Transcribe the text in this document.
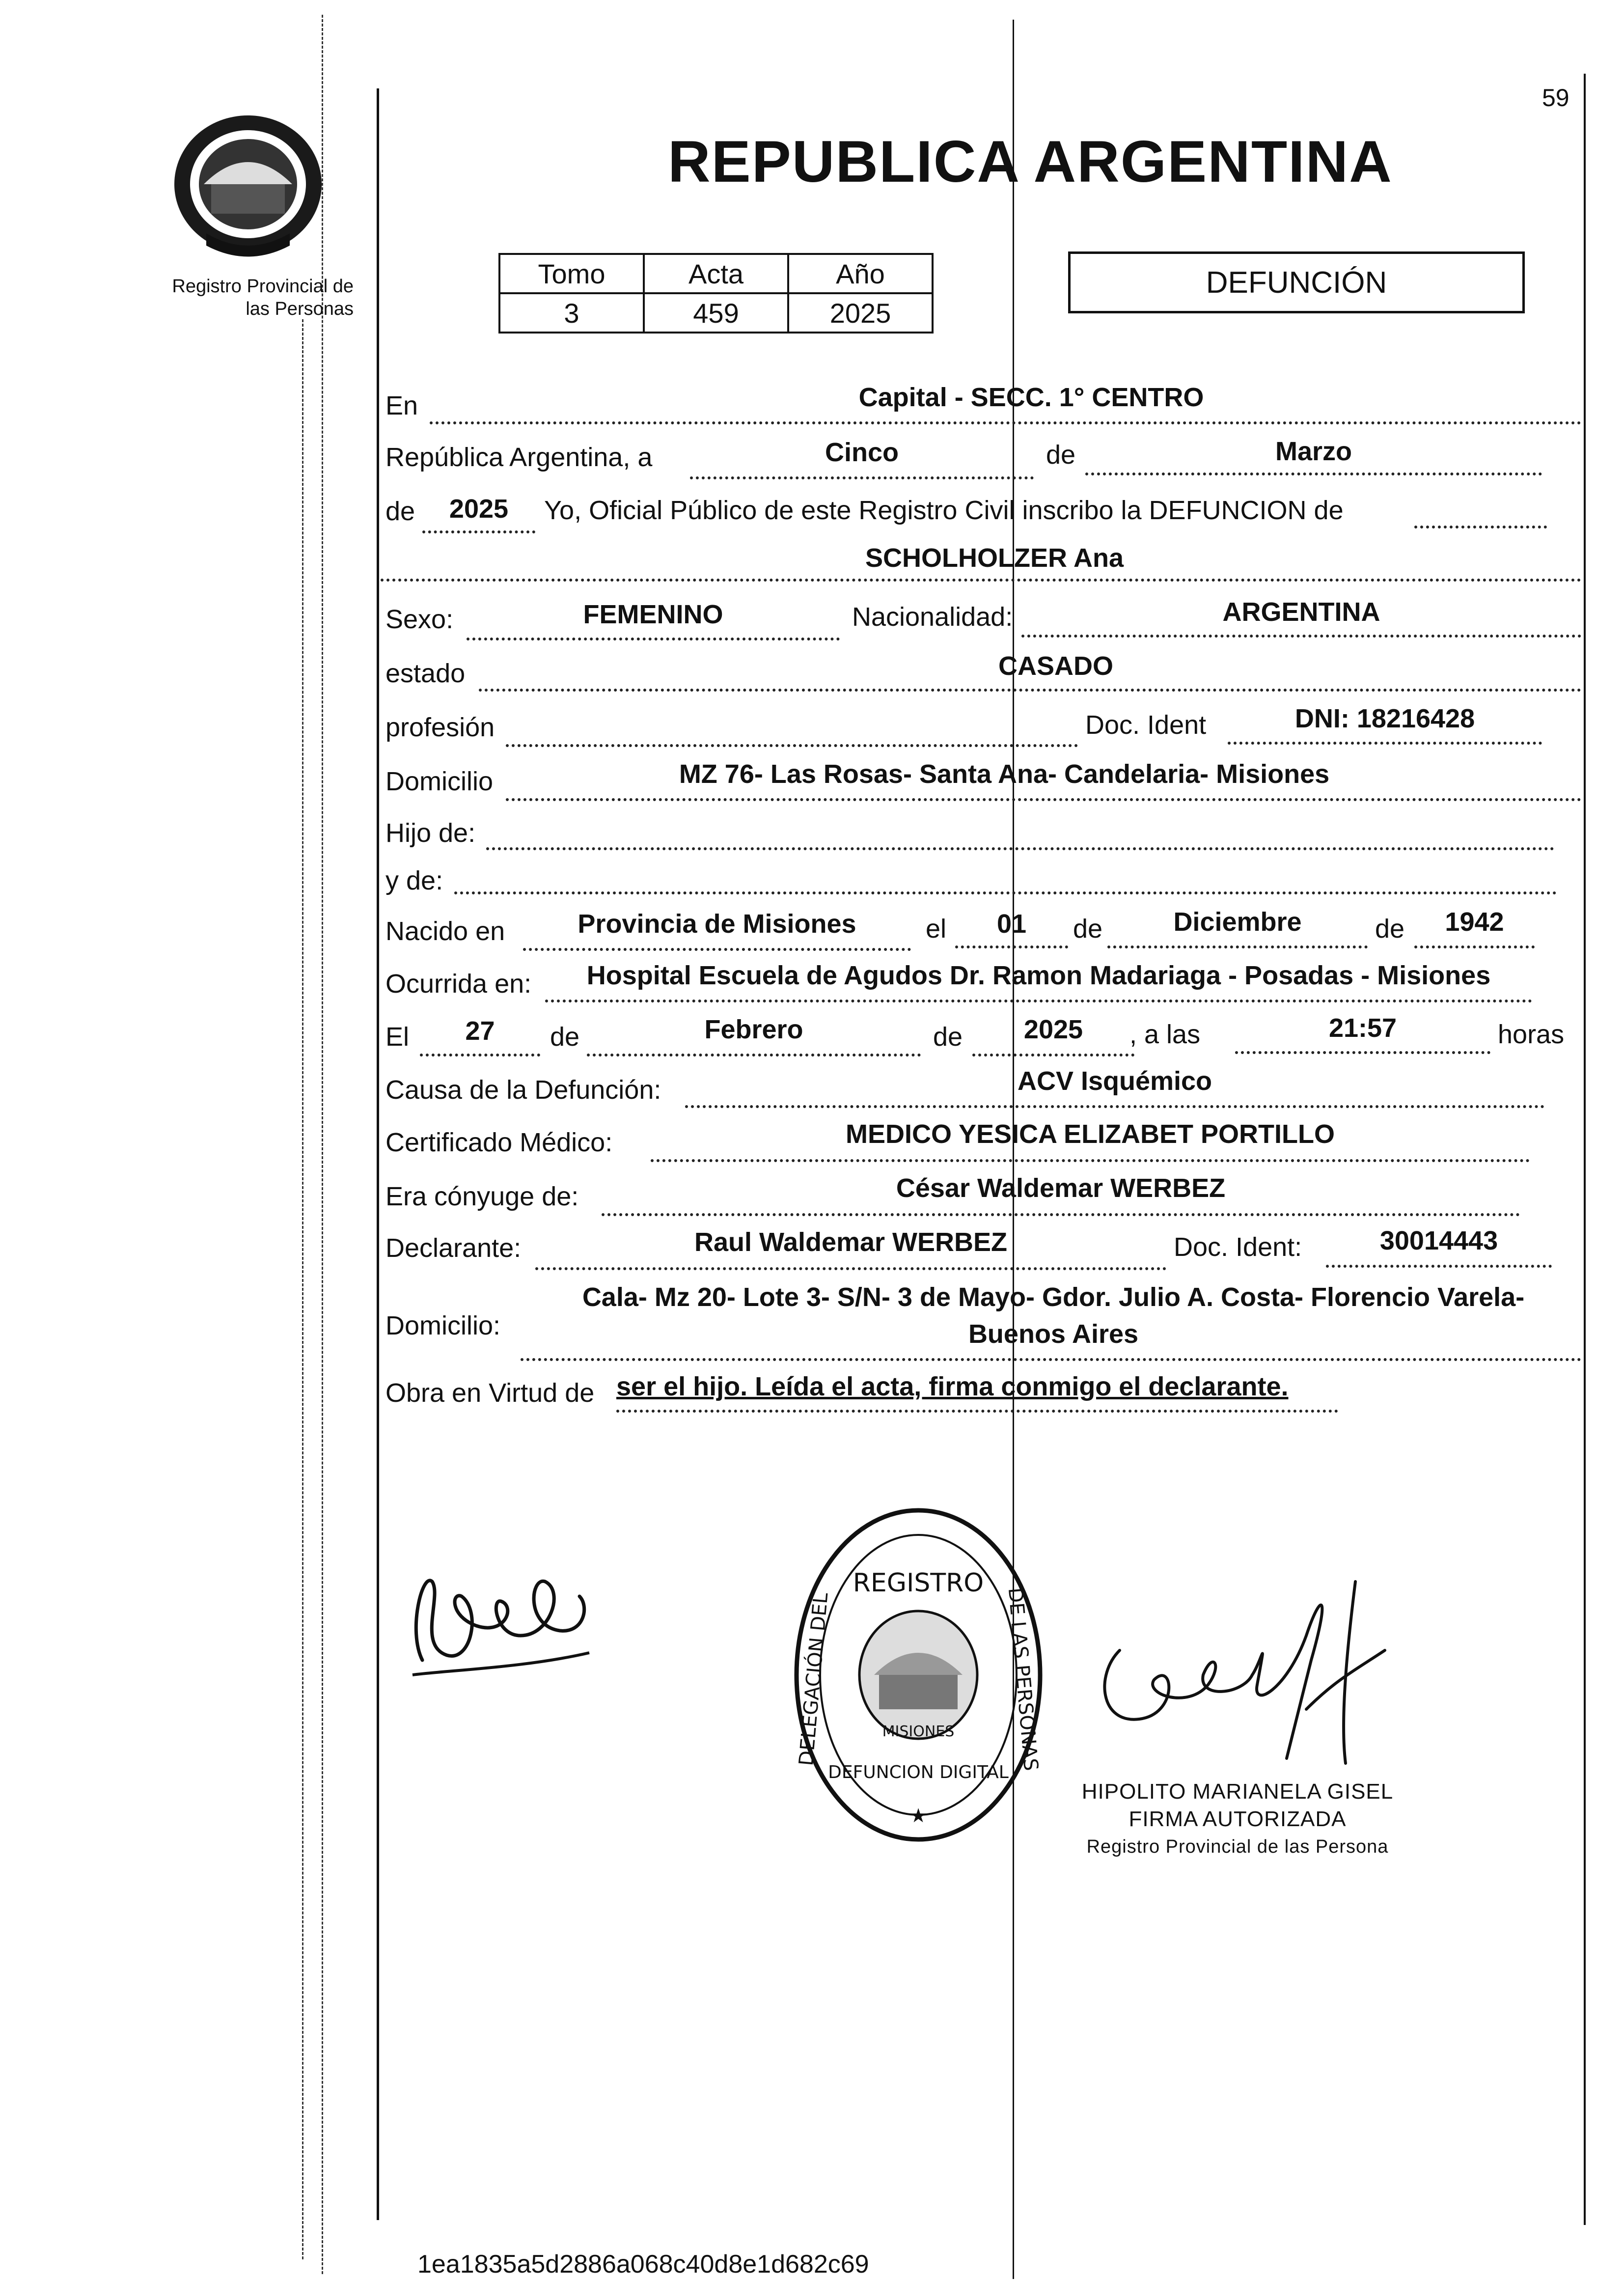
59
Registro Provincial de
las Personas
REPUBLICA ARGENTINA
Tomo	Acta	Año
3	459	2025
DEFUNCIÓN
En	Capital - SECC. 1° CENTRO
República Argentina, a	Cinco	de	Marzo
de	2025	Yo, Oficial Público de este Registro Civil inscribo la DEFUNCION de
SCHOLHOLZER Ana
Sexo:	FEMENINO	Nacionalidad:	ARGENTINA
estado	CASADO
profesión	Doc. Ident	DNI: 18216428
Domicilio	MZ 76- Las Rosas- Santa Ana- Candelaria- Misiones
Hijo de:
y de:
Nacido en	Provincia de Misiones	el	01	de	Diciembre	de	1942
Ocurrida en:	Hospital Escuela de Agudos Dr. Ramon Madariaga - Posadas - Misiones
El	27	de	Febrero	de	2025	, a las	21:57	horas
Causa de la Defunción:	ACV Isquémico
Certificado Médico:	MEDICO YESICA ELIZABET PORTILLO
Era cónyuge de:	César Waldemar WERBEZ
Declarante:	Raul Waldemar WERBEZ	Doc. Ident:	30014443
Domicilio:
Cala- Mz 20- Lote 3- S/N- 3 de Mayo- Gdor. Julio A. Costa- Florencio Varela-
Buenos Aires
Obra en Virtud de ser el hijo. Leída el acta, firma conmigo el declarante.
REGISTRO
DELEGACIÓN DEL	DE LAS PERSONAS
DEFUNCION DIGITAL
MISIONES
★
HIPOLITO MARIANELA GISEL
FIRMA AUTORIZADA
Registro Provincial de las Persona
1ea1835a5d2886a068c40d8e1d682c69
